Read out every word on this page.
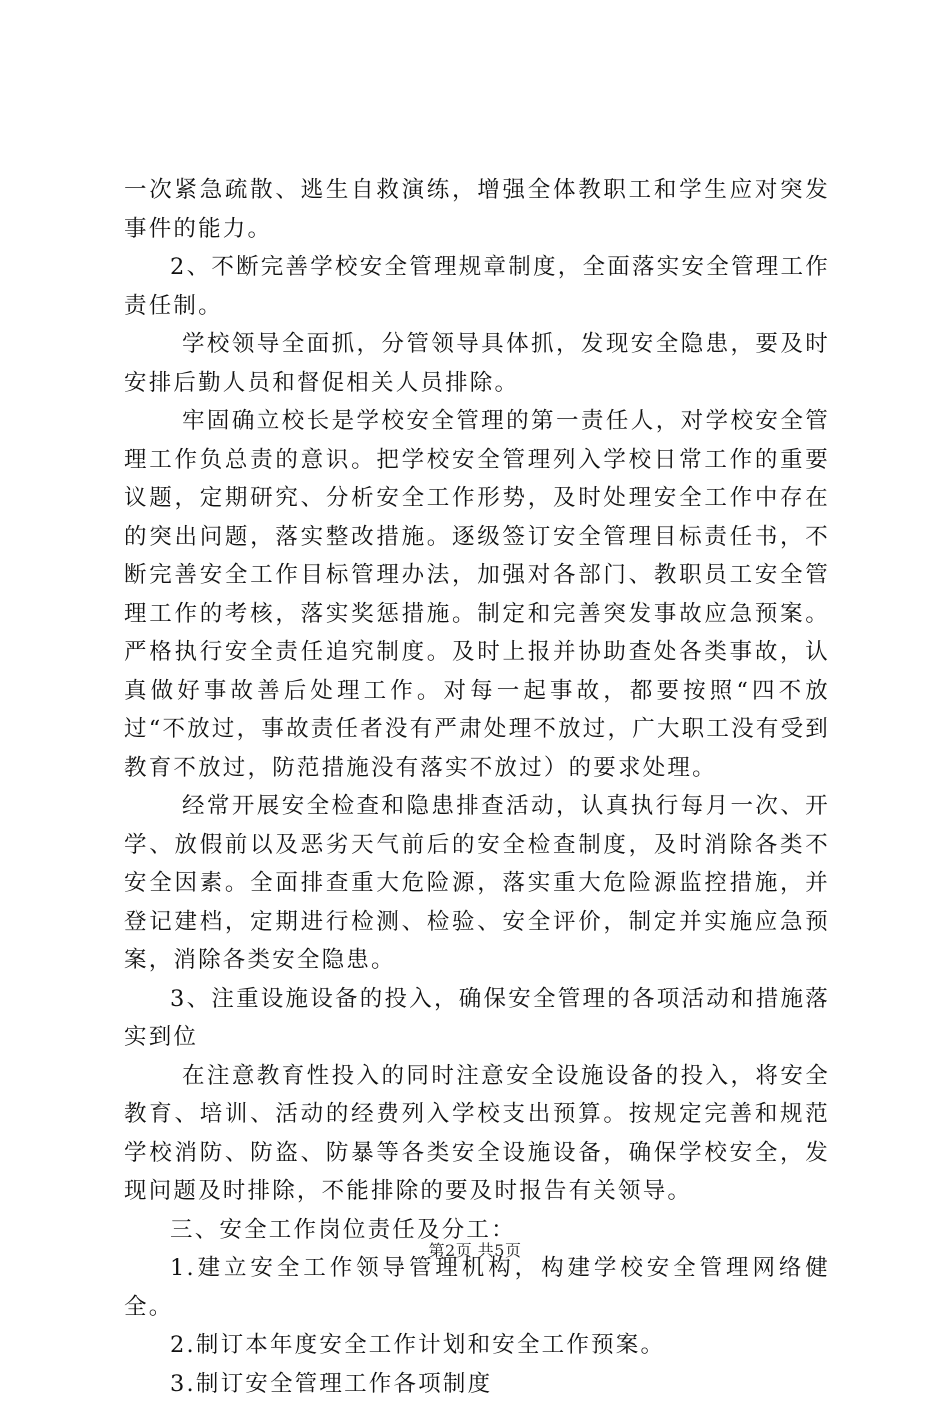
一次紧急疏散、逃生自救演练，增强全体教职工和学生应对突发事件的能力。

2、不断完善学校安全管理规章制度，全面落实安全管理工作责任制。

学校领导全面抓，分管领导具体抓，发现安全隐患，要及时安排后勤人员和督促相关人员排除。

牢固确立校长是学校安全管理的第一责任人，对学校安全管理工作负总责的意识。把学校安全管理列入学校日常工作的重要议题，定期研究、分析安全工作形势，及时处理安全工作中存在的突出问题，落实整改措施。逐级签订安全管理目标责任书，不断完善安全工作目标管理办法，加强对各部门、教职员工安全管理工作的考核，落实奖惩措施。制定和完善突发事故应急预案。严格执行安全责任追究制度。及时上报并协助查处各类事故，认真做好事故善后处理工作。对每一起事故，都要按照“四不放过“不放过，事故责任者没有严肃处理不放过，广大职工没有受到教育不放过，防范措施没有落实不放过）的要求处理。

经常开展安全检查和隐患排查活动，认真执行每月一次、开学、放假前以及恶劣天气前后的安全检查制度，及时消除各类不安全因素。全面排查重大危险源，落实重大危险源监控措施，并登记建档，定期进行检测、检验、安全评价，制定并实施应急预案，消除各类安全隐患。

3、注重设施设备的投入，确保安全管理的各项活动和措施落实到位

在注意教育性投入的同时注意安全设施设备的投入，将安全教育、培训、活动的经费列入学校支出预算。按规定完善和规范学校消防、防盗、防暴等各类安全设施设备，确保学校安全，发现问题及时排除，不能排除的要及时报告有关领导。

三、安全工作岗位责任及分工：

1.建立安全工作领导管理机构，构建学校安全管理网络健全。

2.制订本年度安全工作计划和安全工作预案。

3.制订安全管理工作各项制度

第2页 共5页
